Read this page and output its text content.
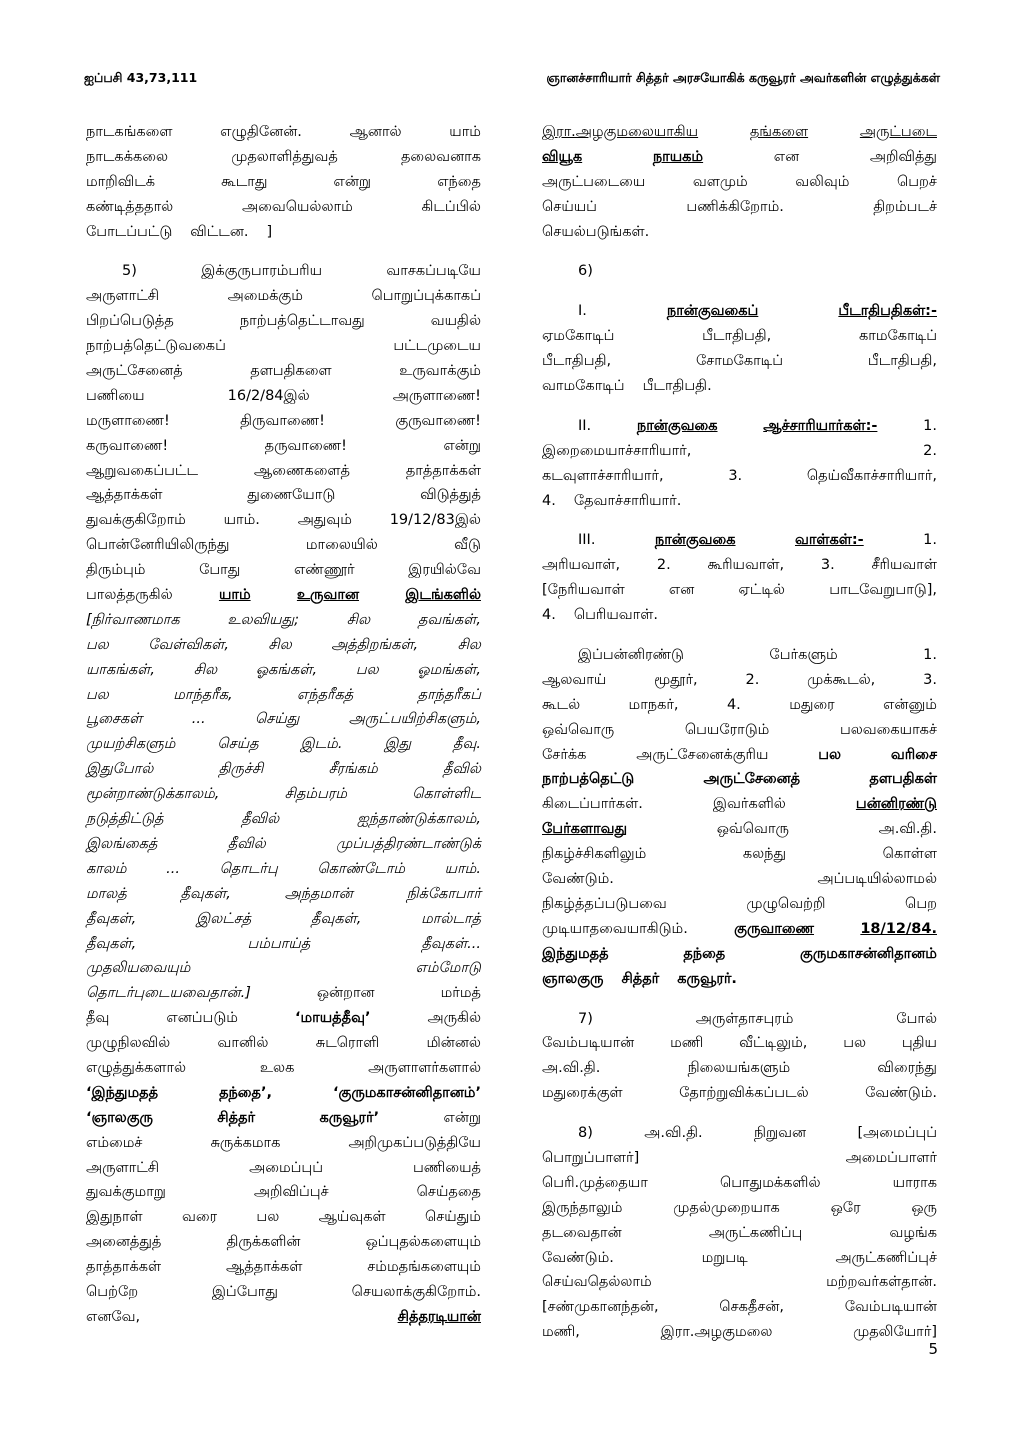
ஐப்பசி 43,73,111	ஞானச்சாரியார் சித்தர் அரசயோகிக் கருவூரர் அவர்களின் எழுத்துக்கள்
நாடகங்களை	எழுதினேன்.	ஆனால்	யாம்
நாடகக்கலை	முதலாளித்துவத்	தலைவனாக
மாறிவிடக்	கூடாது	என்று	எந்தை
கண்டித்ததால்	அவையெல்லாம்	கிடப்பில்
போடப்பட்டு விட்டன. ]
5)	இக்குருபாரம்பரிய	வாசகப்படியே
அருளாட்சி	அமைக்கும்	பொறுப்புக்காகப்
பிறப்பெடுத்த	நாற்பத்தெட்டாவது	வயதில்
நாற்பத்தெட்டுவகைப்	பட்டமுடைய
அருட்சேனைத்	தளபதிகளை	உருவாக்கும்
பணியை	16/2/84இல்	அருளாணை!
மருளாணை!	திருவாணை!	குருவாணை!
கருவாணை!	தருவாணை!	என்று
ஆறுவகைப்பட்ட	ஆணைகளைத்	தாத்தாக்கள்
ஆத்தாக்கள்	துணையோடு	விடுத்துத்
துவக்குகிறோம்	யாம்.	அதுவும்	19/12/83இல்
பொன்னேரியிலிருந்து	மாலையில்	வீடு
திரும்பும்	போது	எண்ணூர்	இரயில்வே
பாலத்தருகில்	யாம்	உருவான	இடங்களில்
[நிர்வாணமாக	உலவியது;	சில	தவங்கள்,
பல	வேள்விகள்,	சில	அத்திறங்கள்,	சில
யாகங்கள்,	சில	ஓகங்கள்,	பல	ஓமங்கள்,
பல	மாந்தரீக,	எந்தரீகத்	தாந்தரீகப்
பூசைகள்	...	செய்து	அருட்பயிற்சிகளும்,
முயற்சிகளும்	செய்த	இடம்.	இது	தீவு.
இதுபோல்	திருச்சி	சீரங்கம்	தீவில்
மூன்றாண்டுக்காலம்,	சிதம்பரம்	கொள்ளிட
நடுத்திட்டுத்	தீவில்	ஐந்தாண்டுக்காலம்,
இலங்கைத்	தீவில்	முப்பத்திரண்டாண்டுக்
காலம்	...	தொடர்பு	கொண்டோம்	யாம்.
மாலத்	தீவுகள்,	அந்தமான்	நிக்கோபார்
தீவுகள்,	இலட்சத்	தீவுகள்,	மால்டாத்
தீவுகள்,	பம்பாய்த்	தீவுகள்...
முதலியவையும்	எம்மோடு
தொடர்புடையவைதான்.]	ஒன்றான	மர்மத்
தீவு	எனப்படும்	‘மாயத்தீவு’	அருகில்
முழுநிலவில்	வானில்	சுடரொளி	மின்னல்
எழுத்துக்களால்	உலக	அருளாளர்களால்
‘இந்துமதத்	தந்தை’,	‘குருமகாசன்னிதானம்’
‘ஞாலகுரு	சித்தர்	கருவூரர்’	என்று
எம்மைச்	சுருக்கமாக	அறிமுகப்படுத்தியே
அருளாட்சி	அமைப்புப்	பணியைத்
துவக்குமாறு	அறிவிப்புச்	செய்ததை
இதுநாள்	வரை	பல	ஆய்வுகள்	செய்தும்
அனைத்துத்	திருக்களின்	ஒப்புதல்களையும்
தாத்தாக்கள்	ஆத்தாக்கள்	சம்மதங்களையும்
பெற்றே	இப்போது	செயலாக்குகிறோம்.
எனவே,	சித்தரடியான்
இரா.அழகுமலையாகிய	தங்களை	அருட்படை
வியூக	நாயகம்	என	அறிவித்து
அருட்படையை	வளமும்	வலிவும்	பெறச்
செய்யப்	பணிக்கிறோம்.	திறம்படச்
செயல்படுங்கள்.
6)
I.	நான்குவகைப்	பீடாதிபதிகள்:-
ஏமகோடிப்	பீடாதிபதி,	காமகோடிப்
பீடாதிபதி,	சோமகோடிப்	பீடாதிபதி,
வாமகோடிப் பீடாதிபதி.
II.	நான்குவகை	ஆச்சாரியார்கள்:-	1.
இறைமையாச்சாரியார்,	2.
கடவுளாச்சாரியார்,	3.	தெய்வீகாச்சாரியார்,
4. தேவாச்சாரியார்.
III.	நான்குவகை	வாள்கள்:-	1.
அரியவாள்,	2.	கூரியவாள்,	3.	சீரியவாள்
[நேரியவாள்	என	ஏட்டில்	பாடவேறுபாடு],
4. பெரியவாள்.
இப்பன்னிரண்டு	பேர்களும்	1.
ஆலவாய்	மூதூர்,	2.	முக்கூடல்,	3.
கூடல்	மாநகர்,	4.	மதுரை	என்னும்
ஒவ்வொரு	பெயரோடும்	பலவகையாகச்
சேர்க்க	அருட்சேனைக்குரிய	பல	வரிசை
நாற்பத்தெட்டு	அருட்சேனைத்	தளபதிகள்
கிடைப்பார்கள்.	இவர்களில்	பன்னிரண்டு
பேர்களாவது	ஒவ்வொரு	அ.வி.தி.
நிகழ்ச்சிகளிலும்	கலந்து	கொள்ள
வேண்டும்.	அப்படியில்லாமல்
நிகழ்த்தப்படுபவை	முழுவெற்றி	பெற
முடியாதவையாகிடும்.	குருவாணை	18/12/84.
இந்துமதத்	தந்தை	குருமகாசன்னிதானம்
ஞாலகுரு சித்தர் கருவூரர்.
7)	அருள்தாசபுரம்	போல்
வேம்படியான் மணி வீட்டிலும், பல புதிய
அ.வி.தி.	நிலையங்களும்	விரைந்து
மதுரைக்குள்	தோற்றுவிக்கப்படல்	வேண்டும்.
8)	அ.வி.தி.	நிறுவன	[அமைப்புப்
பொறுப்பாளர்]	அமைப்பாளர்
பெரி.முத்தையா	பொதுமக்களில்	யாராக
இருந்தாலும்	முதல்முறையாக	ஒரே	ஒரு
தடவைதான்	அருட்கணிப்பு	வழங்க
வேண்டும்.	மறுபடி	அருட்கணிப்புச்
செய்வதெல்லாம்	மற்றவர்கள்தான்.
[சண்முகானந்தன்,	செகதீசன்,	வேம்படியான்
மணி,	இரா.அழகுமலை	முதலியோர்]
5
